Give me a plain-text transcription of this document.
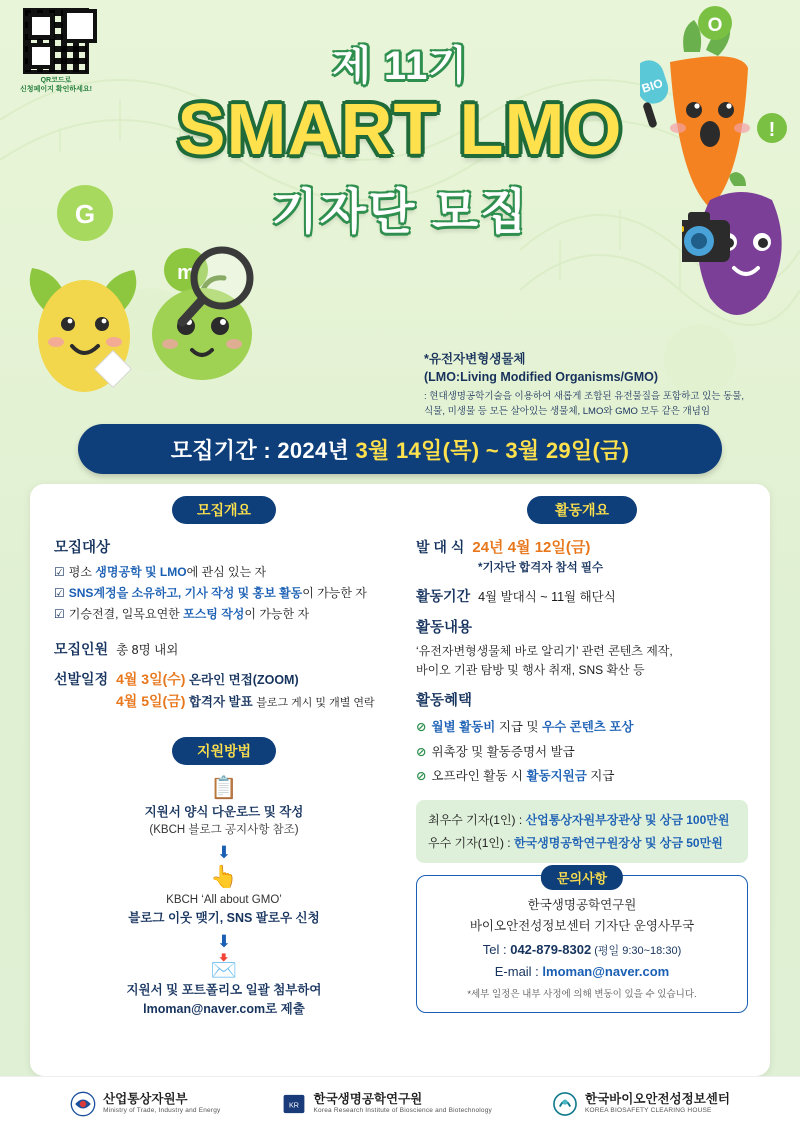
QR코드로
신청페이지 확인하세요!
G
m
BIO
!
O
제 11기
SMART LMO
기자단 모집
*유전자변형생물체
(LMO:Living Modified Organisms/GMO)
: 현대생명공학기술을 이용하여 새롭게 조합된 유전물질을 포함하고 있는 동물, 식물, 미생물 등 모든 살아있는 생물체, LMO와 GMO 모두 같은 개념임
모집기간 : 2024년 3월 14일(목) ~ 3월 29일(금)
모집개요
모집대상
☑ 평소 생명공학 및 LMO에 관심 있는 자
☑ SNS계정을 소유하고, 기사 작성 및 홍보 활동이 가능한 자
☑ 기승전결, 일목요연한 포스팅 작성이 가능한 자
모집인원 총 8명 내외
선발일정 4월 3일(수) 온라인 면접(ZOOM)
4월 5일(금) 합격자 발표 블로그 게시 및 개별 연락
지원방법
📋
지원서 양식 다운로드 및 작성
(KBCH 블로그 공지사항 참조)
⬇
👆
KBCH ‘All about GMO’
블로그 이웃 맺기, SNS 팔로우 신청
⬇
📩
지원서 및 포트폴리오 일괄 첨부하여
lmoman@naver.com로 제출
활동개요
발 대 식 24년 4월 12일(금)
*기자단 합격자 참석 필수
활동기간 4월 발대식 ~ 11월 해단식
활동내용
‘유전자변형생물체 바로 알리기’ 관련 콘텐츠 제작,
바이오 기관 탐방 및 행사 취재, SNS 확산 등
활동혜택
⊘ 월별 활동비 지급 및 우수 콘텐츠 포상
⊘ 위촉장 및 활동증명서 발급
⊘ 오프라인 활동 시 활동지원금 지급
최우수 기자(1인) : 산업통상자원부장관상 및 상금 100만원
우수 기자(1인) : 한국생명공학연구원장상 및 상금 50만원
문의사항
한국생명공학연구원
바이오안전성정보센터 기자단 운영사무국
Tel : 042-879-8302 (평일 9:30~18:30)
E-mail : lmoman@naver.com
*세부 일정은 내부 사정에 의해 변동이 있을 수 있습니다.
산업통상자원부
Ministry of Trade, Industry and Energy
KR 한국생명공학연구원
Korea Research Institute of Bioscience and Biotechnology
한국바이오안전성정보센터
KOREA BIOSAFETY CLEARING HOUSE
